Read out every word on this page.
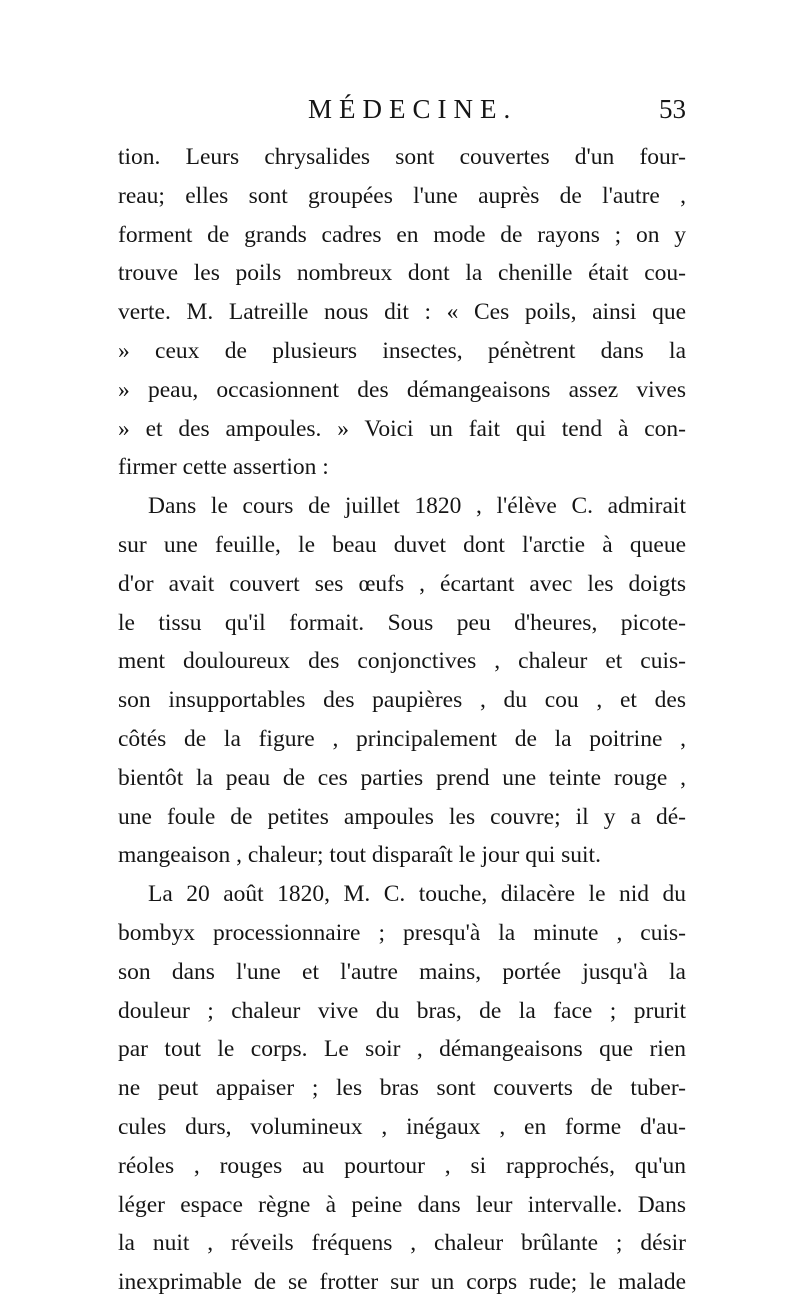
MÉDECINE.	53
tion. Leurs chrysalides sont couvertes d'un four-
reau; elles sont groupées l'une auprès de l'autre ,
forment de grands cadres en mode de rayons ; on y
trouve les poils nombreux dont la chenille était cou-
verte. M. Latreille nous dit : « Ces poils, ainsi que
» ceux de plusieurs insectes, pénètrent dans la
» peau, occasionnent des démangeaisons assez vives
» et des ampoules. » Voici un fait qui tend à con-
firmer cette assertion :
Dans le cours de juillet 1820 , l'élève C. admirait
sur une feuille, le beau duvet dont l'arctie à queue
d'or avait couvert ses œufs , écartant avec les doigts
le tissu qu'il formait. Sous peu d'heures, picote-
ment douloureux des conjonctives , chaleur et cuis-
son insupportables des paupières , du cou , et des
côtés de la figure , principalement de la poitrine ,
bientôt la peau de ces parties prend une teinte rouge ,
une foule de petites ampoules les couvre; il y a dé-
mangeaison , chaleur; tout disparaît le jour qui suit.
La 20 août 1820, M. C. touche, dilacère le nid du
bombyx processionnaire ; presqu'à la minute , cuis-
son dans l'une et l'autre mains, portée jusqu'à la
douleur ; chaleur vive du bras, de la face ; prurit
par tout le corps. Le soir , démangeaisons que rien
ne peut appaiser ; les bras sont couverts de tuber-
cules durs, volumineux , inégaux , en forme d'au-
réoles , rouges au pourtour , si rapprochés, qu'un
léger espace règne à peine dans leur intervalle. Dans
la nuit , réveils fréquens , chaleur brûlante ; désir
inexprimable de se frotter sur un corps rude; le malade
